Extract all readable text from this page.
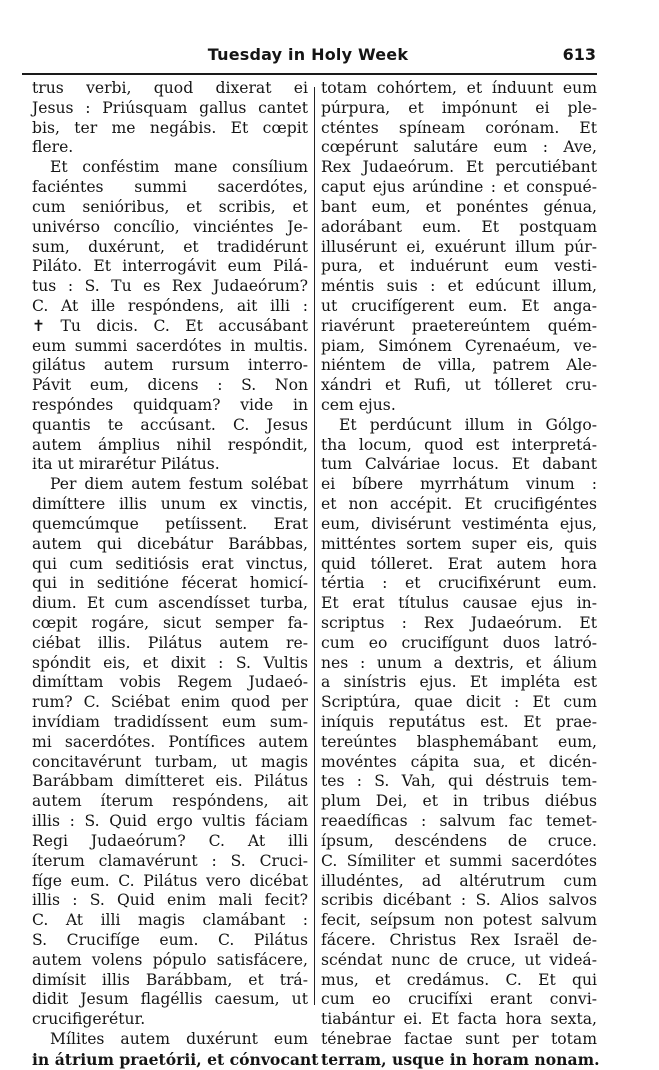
Tuesday in Holy Week	613
trus verbi, quod dixerat ei
Jesus : Priúsquam gallus cantet
bis, ter me negábis. Et cœpit
flere.
Et conféstim mane consílium
faciéntes summi sacerdótes,
cum senióribus, et scribis, et
univérso concílio, vinciéntes Je-
sum, duxérunt, et tradidérunt
Piláto. Et interrogávit eum Pilá-
tus : S. Tu es Rex Judaeórum?
C. At ille respóndens, ait illi :
✝ Tu dicis. C. Et accusábant
eum summi sacerdótes in multis.
gilátus autem rursum interro-
Pávit eum, dicens : S. Non
respóndes quidquam? vide in
quantis te accúsant. C. Jesus
autem ámplius nihil respóndit,
ita ut mirarétur Pilátus.
Per diem autem festum solébat
dimíttere illis unum ex vinctis,
quemcúmque petíissent. Erat
autem qui dicebátur Barábbas,
qui cum seditiósis erat vinctus,
qui in seditióne fécerat homicí-
dium. Et cum ascendísset turba,
cœpit rogáre, sicut semper fa-
ciébat illis. Pilátus autem re-
spóndit eis, et dixit : S. Vultis
dimíttam vobis Regem Judaeó-
rum? C. Sciébat enim quod per
invídiam tradidíssent eum sum-
mi sacerdótes. Pontífices autem
concitavérunt turbam, ut magis
Barábbam dimítteret eis. Pilátus
autem íterum respóndens, ait
illis : S. Quid ergo vultis fáciam
Regi Judaeórum? C. At illi
íterum clamavérunt : S. Cruci-
fíge eum. C. Pilátus vero dicébat
illis : S. Quid enim mali fecit?
C. At illi magis clamábant :
S. Crucifíge eum. C. Pilátus
autem volens pópulo satisfácere,
dimísit illis Barábbam, et trá-
didit Jesum flagéllis caesum, ut
crucifigerétur.
Mílites autem duxérunt eum
in átrium praetórii, et cónvocant
totam cohórtem, et índuunt eum
púrpura, et impónunt ei ple-
cténtes spíneam corónam. Et
cœpérunt salutáre eum : Ave,
Rex Judaeórum. Et percutiébant
caput ejus arúndine : et conspué-
bant eum, et ponéntes génua,
adorábant eum. Et postquam
illusérunt ei, exuérunt illum púr-
pura, et induérunt eum vesti-
méntis suis : et edúcunt illum,
ut crucifígerent eum. Et anga-
riavérunt praetereúntem quém-
piam, Simónem Cyrenaéum, ve-
niéntem de villa, patrem Ale-
xándri et Rufi, ut tólleret cru-
cem ejus.
Et perdúcunt illum in Gólgo-
tha locum, quod est interpretá-
tum Calváriae locus. Et dabant
ei bíbere myrrhátum vinum :
et non accépit. Et crucifigéntes
eum, divisérunt vestiménta ejus,
mitténtes sortem super eis, quis
quid tólleret. Erat autem hora
tértia : et crucifixérunt eum.
Et erat títulus causae ejus in-
scriptus : Rex Judaeórum. Et
cum eo crucifígunt duos latró-
nes : unum a dextris, et álium
a sinístris ejus. Et impléta est
Scriptúra, quae dicit : Et cum
iníquis reputátus est. Et prae-
tereúntes blasphemábant eum,
movéntes cápita sua, et dicén-
tes : S. Vah, qui déstruis tem-
plum Dei, et in tribus diébus
reaedíficas : salvum fac temet-
ípsum, descéndens de cruce.
C. Símiliter et summi sacerdótes
illudéntes, ad altérutrum cum
scribis dicébant : S. Alios salvos
fecit, seípsum non potest salvum
fácere. Christus Rex Israël de-
scéndat nunc de cruce, ut videá-
mus, et credámus. C. Et qui
cum eo crucifíxi erant convi-
tiabántur ei. Et facta hora sexta,
ténebrae factae sunt per totam
terram, usque in horam nonam.
